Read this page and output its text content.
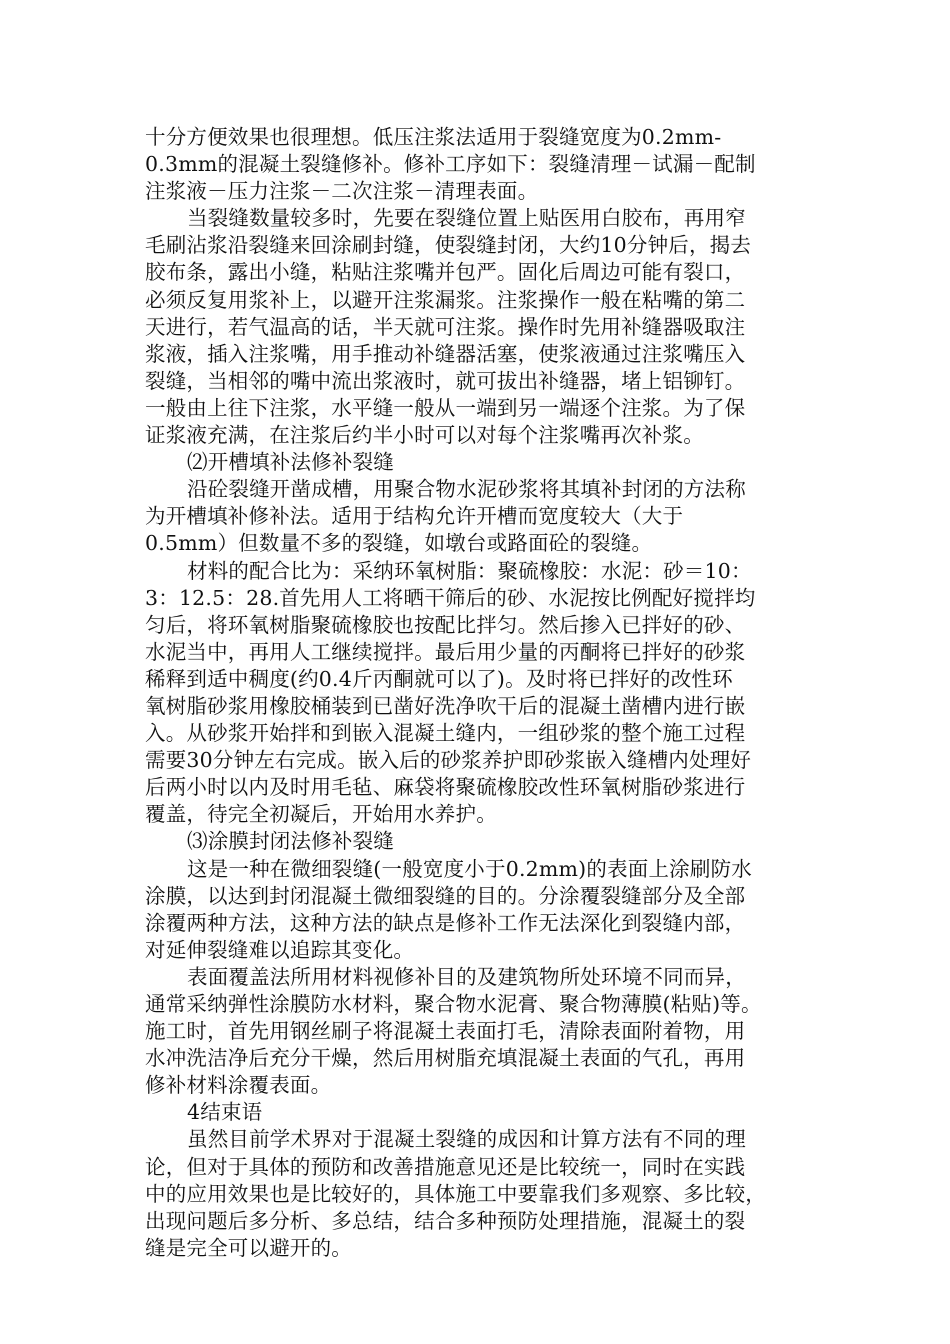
十分方便效果也很理想。低压注浆法适用于裂缝宽度为0.2mm-
0.3mm的混凝土裂缝修补。修补工序如下：裂缝清理－试漏－配制
注浆液－压力注浆－二次注浆－清理表面。
当裂缝数量较多时，先要在裂缝位置上贴医用白胶布，再用窄
毛刷沾浆沿裂缝来回涂刷封缝，使裂缝封闭，大约10分钟后，揭去
胶布条，露出小缝，粘贴注浆嘴并包严。固化后周边可能有裂口，
必须反复用浆补上，以避开注浆漏浆。注浆操作一般在粘嘴的第二
天进行，若气温高的话，半天就可注浆。操作时先用补缝器吸取注
浆液，插入注浆嘴，用手推动补缝器活塞，使浆液通过注浆嘴压入
裂缝，当相邻的嘴中流出浆液时，就可拔出补缝器，堵上铝铆钉。
一般由上往下注浆，水平缝一般从一端到另一端逐个注浆。为了保
证浆液充满，在注浆后约半小时可以对每个注浆嘴再次补浆。
⑵开槽填补法修补裂缝
沿砼裂缝开凿成槽，用聚合物水泥砂浆将其填补封闭的方法称
为开槽填补修补法。适用于结构允许开槽而宽度较大（大于
0.5mm）但数量不多的裂缝，如墩台或路面砼的裂缝。
材料的配合比为：采纳环氧树脂：聚硫橡胶：水泥：砂＝10：
3：12.5：28.首先用人工将晒干筛后的砂、水泥按比例配好搅拌均
匀后，将环氧树脂聚硫橡胶也按配比拌匀。然后掺入已拌好的砂、
水泥当中，再用人工继续搅拌。最后用少量的丙酮将已拌好的砂浆
稀释到适中稠度(约0.4斤丙酮就可以了)。及时将已拌好的改性环
氧树脂砂浆用橡胶桶装到已凿好洗净吹干后的混凝土凿槽内进行嵌
入。从砂浆开始拌和到嵌入混凝土缝内，一组砂浆的整个施工过程
需要30分钟左右完成。嵌入后的砂浆养护即砂浆嵌入缝槽内处理好
后两小时以内及时用毛毡、麻袋将聚硫橡胶改性环氧树脂砂浆进行
覆盖，待完全初凝后，开始用水养护。
⑶涂膜封闭法修补裂缝
这是一种在微细裂缝(一般宽度小于0.2mm)的表面上涂刷防水
涂膜，以达到封闭混凝土微细裂缝的目的。分涂覆裂缝部分及全部
涂覆两种方法，这种方法的缺点是修补工作无法深化到裂缝内部，
对延伸裂缝难以追踪其变化。
表面覆盖法所用材料视修补目的及建筑物所处环境不同而异，
通常采纳弹性涂膜防水材料，聚合物水泥膏、聚合物薄膜(粘贴)等。
施工时，首先用钢丝刷子将混凝土表面打毛，清除表面附着物，用
水冲洗洁净后充分干燥，然后用树脂充填混凝土表面的气孔，再用
修补材料涂覆表面。
4结束语
虽然目前学术界对于混凝土裂缝的成因和计算方法有不同的理
论，但对于具体的预防和改善措施意见还是比较统一，同时在实践
中的应用效果也是比较好的，具体施工中要靠我们多观察、多比较，
出现问题后多分析、多总结，结合多种预防处理措施，混凝土的裂
缝是完全可以避开的。
